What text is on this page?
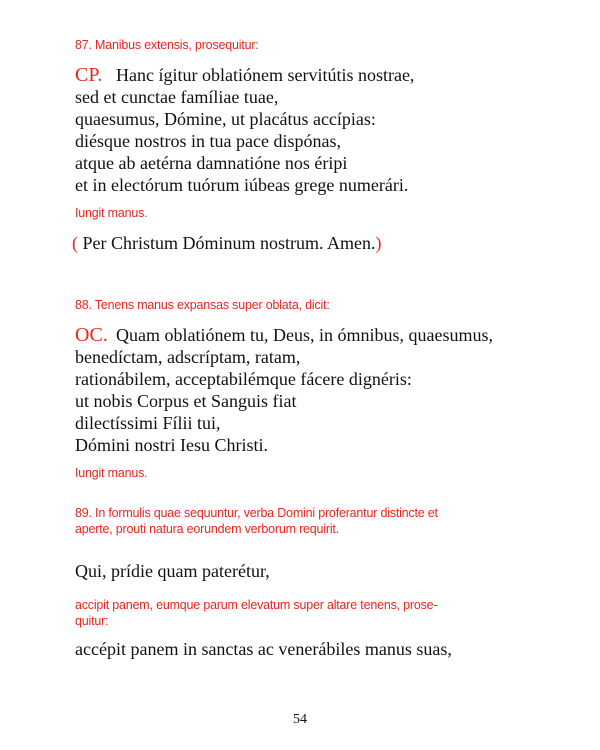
87. Manibus extensis, prosequitur:
CP. Hanc ígitur oblatiónem servitútis nostrae,
sed et cunctae famíliae tuae,
quaesumus, Dómine, ut placátus accípias:
diésque nostros in tua pace dispónas,
atque ab aetérna damnatióne nos éripi
et in electórum tuórum iúbeas grege numerári.
Iungit manus.
( Per Christum Dóminum nostrum. Amen.)
88. Tenens manus expansas super oblata, dicit:
OC. Quam oblatiónem tu, Deus, in ómnibus, quaesumus,
benedíctam, adscríptam, ratam,
rationábilem, acceptabilémque fácere dignéris:
ut nobis Corpus et Sanguis fiat
dilectíssimi Fílii tui,
Dómini nostri Iesu Christi.
Iungit manus.
89. In formulis quae sequuntur, verba Domini proferantur distincte et
aperte, prouti natura eorundem verborum requirit.
Qui, prídie quam paterétur,
accipit panem, eumque parum elevatum super altare tenens, prose-
quitur:
accépit panem in sanctas ac venerábiles manus suas,
54
